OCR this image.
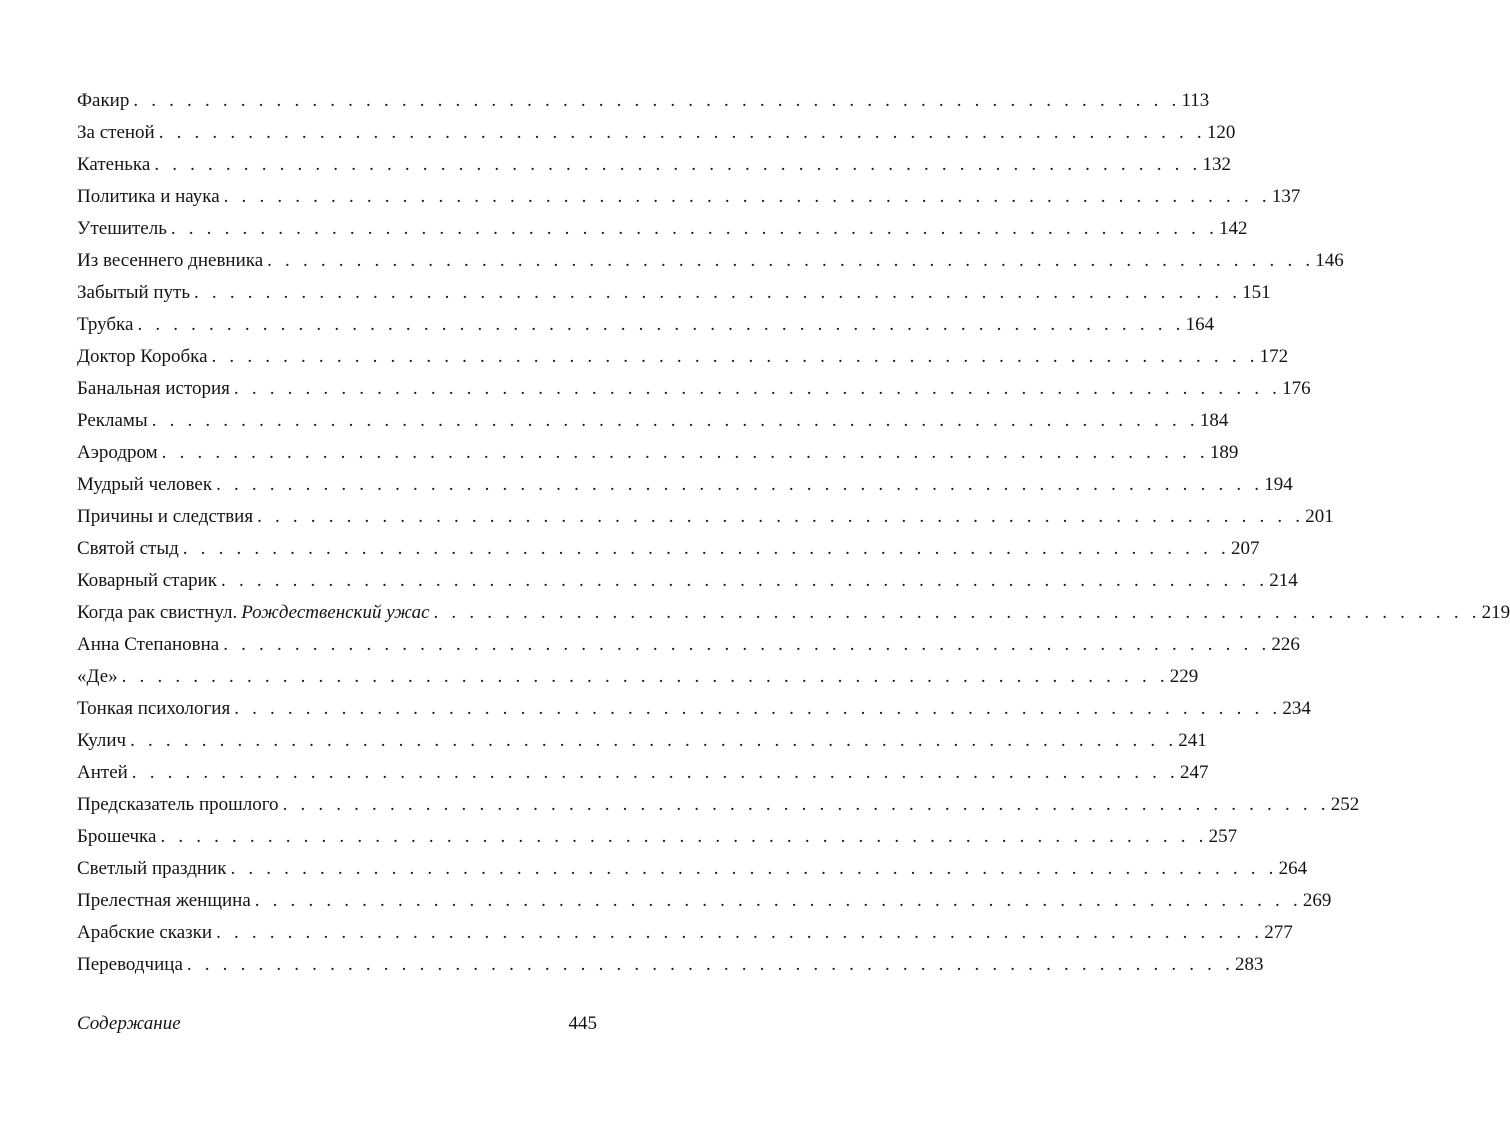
Факир . . . . . . . . . . . . . . . . . . . . . . . . . . . . . . . . . . . . . . . . . . . . . . . . . . . . . . . . . . . 113
За стеной . . . . . . . . . . . . . . . . . . . . . . . . . . . . . . . . . . . . . . . . . . . . . . . . . . . . . . . . . . . 120
Катенька . . . . . . . . . . . . . . . . . . . . . . . . . . . . . . . . . . . . . . . . . . . . . . . . . . . . . . . . . . . 132
Политика и наука . . . . . . . . . . . . . . . . . . . . . . . . . . . . . . . . . . . . . . . . . . . . . . . . . . . . . . . . . . . 137
Утешитель . . . . . . . . . . . . . . . . . . . . . . . . . . . . . . . . . . . . . . . . . . . . . . . . . . . . . . . . . . . 142
Из весеннего дневника . . . . . . . . . . . . . . . . . . . . . . . . . . . . . . . . . . . . . . . . . . . . . . . . . . . . . . . . . . . 146
Забытый путь . . . . . . . . . . . . . . . . . . . . . . . . . . . . . . . . . . . . . . . . . . . . . . . . . . . . . . . . . . . 151
Трубка . . . . . . . . . . . . . . . . . . . . . . . . . . . . . . . . . . . . . . . . . . . . . . . . . . . . . . . . . . . 164
Доктор Коробка . . . . . . . . . . . . . . . . . . . . . . . . . . . . . . . . . . . . . . . . . . . . . . . . . . . . . . . . . . . 172
Банальная история . . . . . . . . . . . . . . . . . . . . . . . . . . . . . . . . . . . . . . . . . . . . . . . . . . . . . . . . . . . 176
Рекламы . . . . . . . . . . . . . . . . . . . . . . . . . . . . . . . . . . . . . . . . . . . . . . . . . . . . . . . . . . . 184
Аэродром . . . . . . . . . . . . . . . . . . . . . . . . . . . . . . . . . . . . . . . . . . . . . . . . . . . . . . . . . . . 189
Мудрый человек . . . . . . . . . . . . . . . . . . . . . . . . . . . . . . . . . . . . . . . . . . . . . . . . . . . . . . . . . . . 194
Причины и следствия . . . . . . . . . . . . . . . . . . . . . . . . . . . . . . . . . . . . . . . . . . . . . . . . . . . . . . . . . . . 201
Святой стыд . . . . . . . . . . . . . . . . . . . . . . . . . . . . . . . . . . . . . . . . . . . . . . . . . . . . . . . . . . . 207
Коварный старик . . . . . . . . . . . . . . . . . . . . . . . . . . . . . . . . . . . . . . . . . . . . . . . . . . . . . . . . . . . 214
Когда рак свистнул. Рождественский ужас . . . . . . . . . . . . . . . . . . . . . . . . . . . . . . . . . . . . . . . . . . . . . . . . . . . . . . . . . . . 219
Анна Степановна . . . . . . . . . . . . . . . . . . . . . . . . . . . . . . . . . . . . . . . . . . . . . . . . . . . . . . . . . . . 226
«Де» . . . . . . . . . . . . . . . . . . . . . . . . . . . . . . . . . . . . . . . . . . . . . . . . . . . . . . . . . . . 229
Тонкая психология . . . . . . . . . . . . . . . . . . . . . . . . . . . . . . . . . . . . . . . . . . . . . . . . . . . . . . . . . . . 234
Кулич . . . . . . . . . . . . . . . . . . . . . . . . . . . . . . . . . . . . . . . . . . . . . . . . . . . . . . . . . . . 241
Антей . . . . . . . . . . . . . . . . . . . . . . . . . . . . . . . . . . . . . . . . . . . . . . . . . . . . . . . . . . . 247
Предсказатель прошлого . . . . . . . . . . . . . . . . . . . . . . . . . . . . . . . . . . . . . . . . . . . . . . . . . . . . . . . . . . . 252
Брошечка . . . . . . . . . . . . . . . . . . . . . . . . . . . . . . . . . . . . . . . . . . . . . . . . . . . . . . . . . . . 257
Светлый праздник . . . . . . . . . . . . . . . . . . . . . . . . . . . . . . . . . . . . . . . . . . . . . . . . . . . . . . . . . . . 264
Прелестная женщина . . . . . . . . . . . . . . . . . . . . . . . . . . . . . . . . . . . . . . . . . . . . . . . . . . . . . . . . . . . 269
Арабские сказки . . . . . . . . . . . . . . . . . . . . . . . . . . . . . . . . . . . . . . . . . . . . . . . . . . . . . . . . . . . 277
Переводчица . . . . . . . . . . . . . . . . . . . . . . . . . . . . . . . . . . . . . . . . . . . . . . . . . . . . . . . . . . . 283
Содержание	445
